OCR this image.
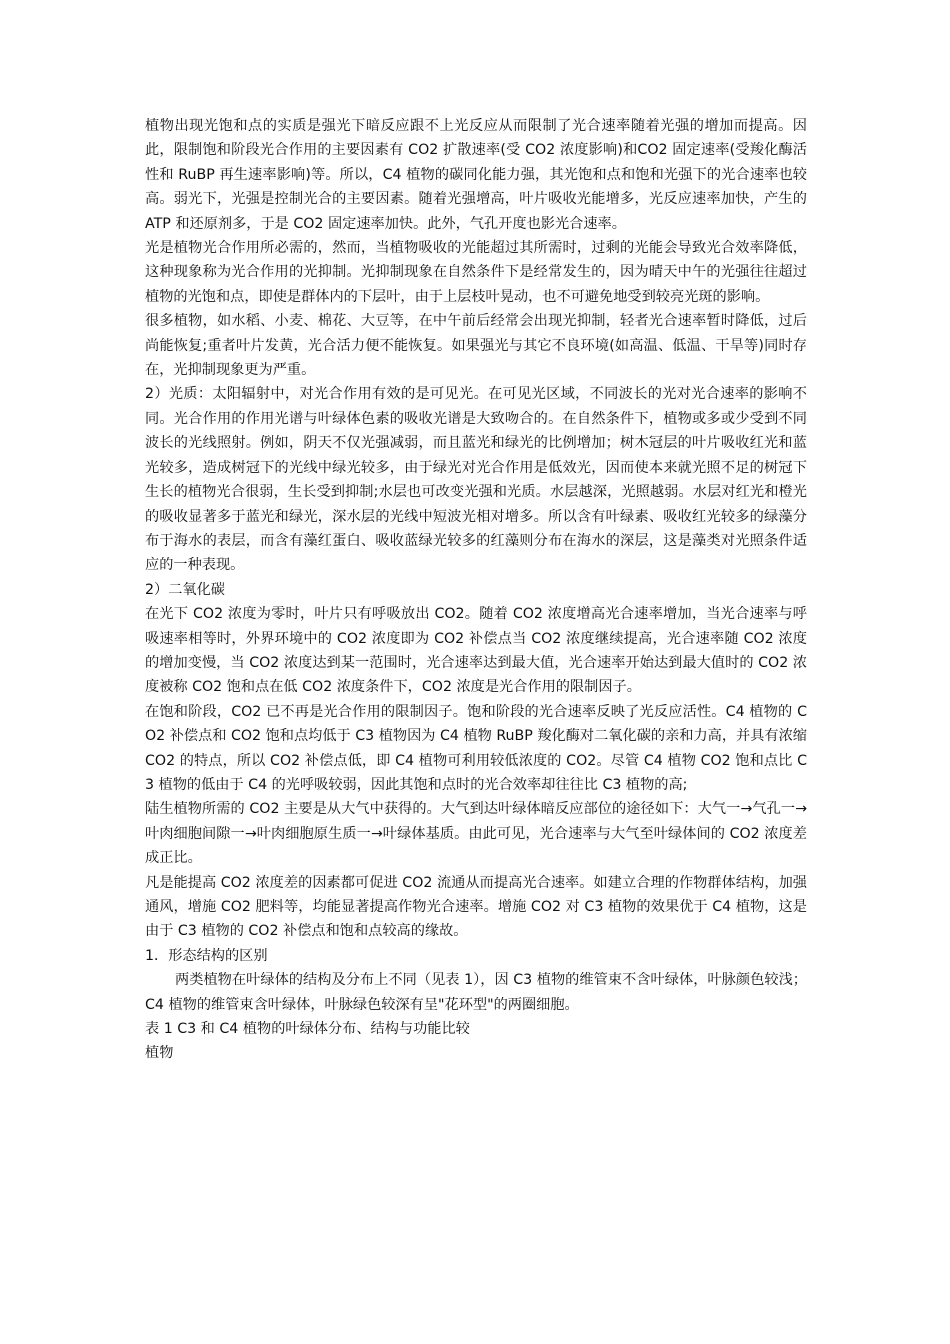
植物出现光饱和点的实质是强光下暗反应跟不上光反应从而限制了光合速率随着光强的增加而提高。因此，限制饱和阶段光合作用的主要因素有 CO2 扩散速率(受 CO2 浓度影响)和CO2 固定速率(受羧化酶活性和 RuBP 再生速率影响)等。所以，C4 植物的碳同化能力强，其光饱和点和饱和光强下的光合速率也较高。弱光下，光强是控制光合的主要因素。随着光强增高，叶片吸收光能增多，光反应速率加快，产生的 ATP 和还原剂多，于是 CO2 固定速率加快。此外，气孔开度也影光合速率。

光是植物光合作用所必需的，然而，当植物吸收的光能超过其所需时，过剩的光能会导致光合效率降低，这种现象称为光合作用的光抑制。光抑制现象在自然条件下是经常发生的，因为晴天中午的光强往往超过植物的光饱和点，即使是群体内的下层叶，由于上层枝叶晃动，也不可避免地受到较亮光斑的影响。

很多植物，如水稻、小麦、棉花、大豆等，在中午前后经常会出现光抑制，轻者光合速率暂时降低，过后尚能恢复;重者叶片发黄，光合活力便不能恢复。如果强光与其它不良环境(如高温、低温、干旱等)同时存在，光抑制现象更为严重。

2）光质：太阳辐射中，对光合作用有效的是可见光。在可见光区域，不同波长的光对光合速率的影响不同。光合作用的作用光谱与叶绿体色素的吸收光谱是大致吻合的。在自然条件下，植物或多或少受到不同波长的光线照射。例如，阴天不仅光强减弱，而且蓝光和绿光的比例增加；树木冠层的叶片吸收红光和蓝光较多，造成树冠下的光线中绿光较多，由于绿光对光合作用是低效光，因而使本来就光照不足的树冠下生长的植物光合很弱，生长受到抑制;水层也可改变光强和光质。水层越深，光照越弱。水层对红光和橙光的吸收显著多于蓝光和绿光，深水层的光线中短波光相对增多。所以含有叶绿素、吸收红光较多的绿藻分布于海水的表层，而含有藻红蛋白、吸收蓝绿光较多的红藻则分布在海水的深层，这是藻类对光照条件适应的一种表现。

2）二氧化碳

在光下 CO2 浓度为零时，叶片只有呼吸放出 CO2。随着 CO2 浓度增高光合速率增加，当光合速率与呼吸速率相等时，外界环境中的 CO2 浓度即为 CO2 补偿点当 CO2 浓度继续提高，光合速率随 CO2 浓度的增加变慢，当 CO2 浓度达到某一范围时，光合速率达到最大值，光合速率开始达到最大值时的 CO2 浓度被称 CO2 饱和点在低 CO2 浓度条件下，CO2 浓度是光合作用的限制因子。

在饱和阶段，CO2 已不再是光合作用的限制因子。饱和阶段的光合速率反映了光反应活性。C4 植物的 CO2 补偿点和 CO2 饱和点均低于 C3 植物因为 C4 植物 RuBP 羧化酶对二氧化碳的亲和力高，并具有浓缩 CO2 的特点，所以 CO2 补偿点低，即 C4 植物可利用较低浓度的 CO2。尽管 C4 植物 CO2 饱和点比 C3 植物的低由于 C4 的光呼吸较弱，因此其饱和点时的光合效率却往往比 C3 植物的高;

陆生植物所需的 CO2 主要是从大气中获得的。大气到达叶绿体暗反应部位的途径如下：大气一→气孔一→叶肉细胞间隙一→叶肉细胞原生质一→叶绿体基质。由此可见，光合速率与大气至叶绿体间的 CO2 浓度差成正比。

凡是能提高 CO2 浓度差的因素都可促进 CO2 流通从而提高光合速率。如建立合理的作物群体结构，加强通风，增施 CO2 肥料等，均能显著提高作物光合速率。增施 CO2 对 C3 植物的效果优于 C4 植物，这是由于 C3 植物的 CO2 补偿点和饱和点较高的缘故。

1．形态结构的区别

两类植物在叶绿体的结构及分布上不同（见表 1），因 C3 植物的维管束不含叶绿体，叶脉颜色较浅；C4 植物的维管束含叶绿体，叶脉绿色较深有呈"花环型"的两圈细胞。

表 1 C3 和 C4 植物的叶绿体分布、结构与功能比较

植物
